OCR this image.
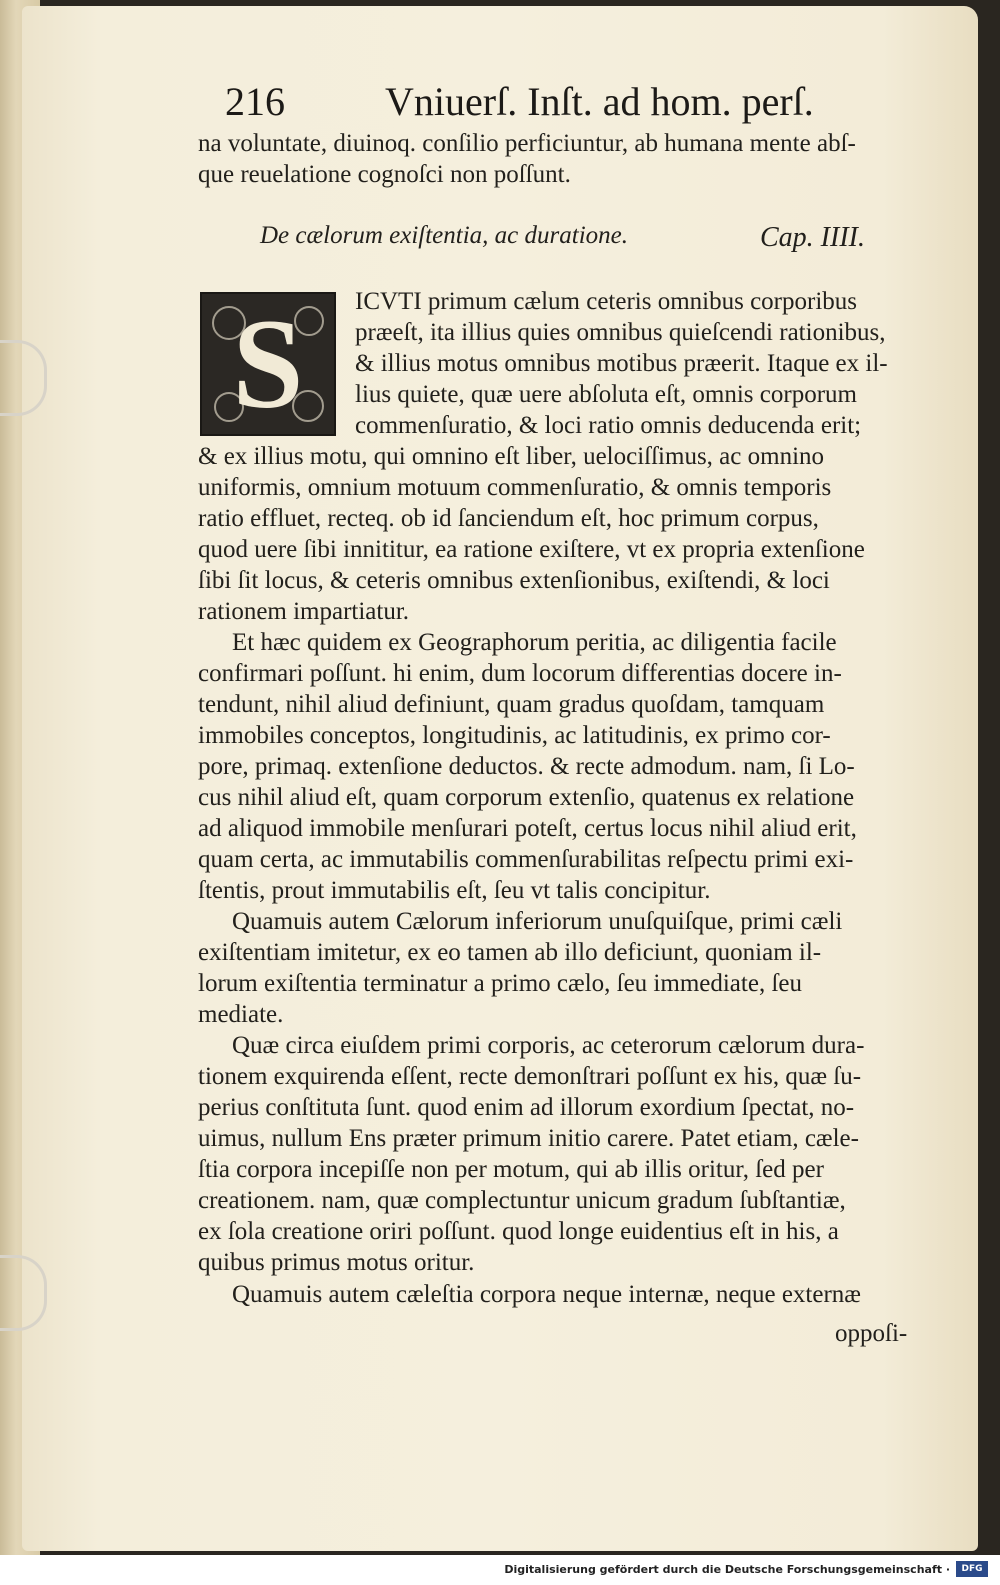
216	Vniuerſ. Inſt. ad hom. perſ.
na voluntate, diuinoq. conſilio perficiuntur, ab humana mente abſ-
que reuelatione cognoſci non poſſunt.
De cælorum exiſtentia, ac duratione.	Cap. IIII.
S	ICVTI primum cælum ceteris omnibus corporibus
præeſt, ita illius quies omnibus quieſcendi rationibus,
& illius motus omnibus motibus præerit. Itaque ex il-
lius quiete, quæ uere abſoluta eſt, omnis corporum
commenſuratio, & loci ratio omnis deducenda erit;
& ex illius motu, qui omnino eſt liber, uelociſſimus, ac omnino
uniformis, omnium motuum commenſuratio, & omnis temporis
ratio effluet, recteq. ob id ſanciendum eſt, hoc primum corpus,
quod uere ſibi innititur, ea ratione exiſtere, vt ex propria extenſione
ſibi ſit locus, & ceteris omnibus extenſionibus, exiſtendi, & loci
rationem impartiatur.
Et hæc quidem ex Geographorum peritia, ac diligentia facile
confirmari poſſunt. hi enim, dum locorum differentias docere in-
tendunt, nihil aliud definiunt, quam gradus quoſdam, tamquam
immobiles conceptos, longitudinis, ac latitudinis, ex primo cor-
pore, primaq. extenſione deductos. & recte admodum. nam, ſi Lo-
cus nihil aliud eſt, quam corporum extenſio, quatenus ex relatione
ad aliquod immobile menſurari poteſt, certus locus nihil aliud erit,
quam certa, ac immutabilis commenſurabilitas reſpectu primi exi-
ſtentis, prout immutabilis eſt, ſeu vt talis concipitur.
Quamuis autem Cælorum inferiorum unuſquiſque, primi cæli
exiſtentiam imitetur, ex eo tamen ab illo deficiunt, quoniam il-
lorum exiſtentia terminatur a primo cælo, ſeu immediate, ſeu
mediate.
Quæ circa eiuſdem primi corporis, ac ceterorum cælorum dura-
tionem exquirenda eſſent, recte demonſtrari poſſunt ex his, quæ ſu-
perius conſtituta ſunt. quod enim ad illorum exordium ſpectat, no-
uimus, nullum Ens præter primum initio carere. Patet etiam, cæle-
ſtia corpora incepiſſe non per motum, qui ab illis oritur, ſed per
creationem. nam, quæ complectuntur unicum gradum ſubſtantiæ,
ex ſola creatione oriri poſſunt. quod longe euidentius eſt in his, a
quibus primus motus oritur.
Quamuis autem cæleſtia corpora neque internæ, neque externæ
oppoſi-
Digitalisierung gefördert durch die Deutsche Forschungsgemeinschaft ·	DFG
